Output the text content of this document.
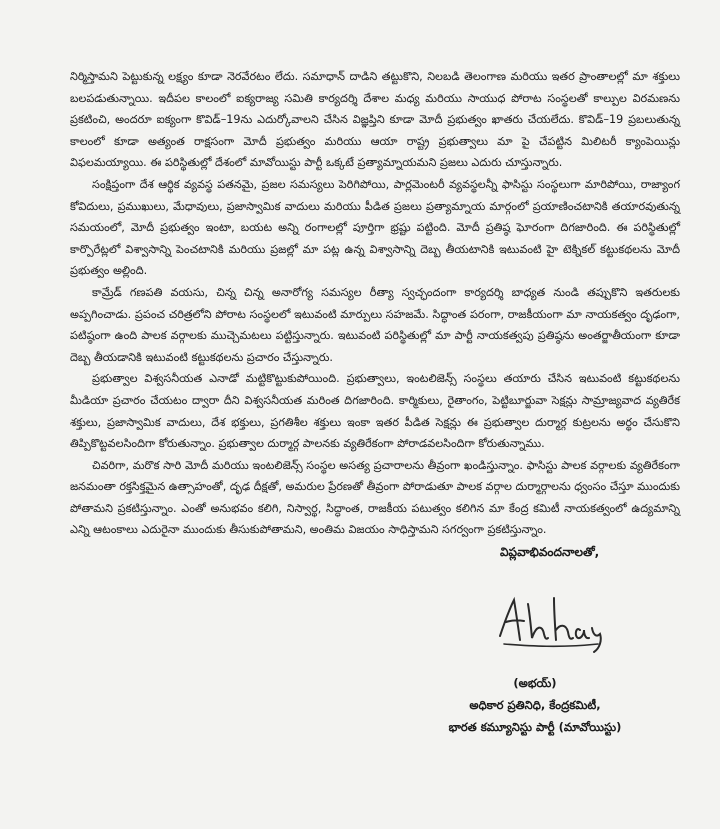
నిర్మిస్తామని పెట్టుకున్న లక్ష్యం కూడా నెరవేరటం లేదు. సమాధాన్ దాడిని తట్టుకొని, నిలబడి తెలంగాణ మరియు ఇతర ప్రాంతాలల్లో మా శక్తులు బలపడుతున్నాయి. ఇదీపల కాలంలో ఐక్యరాజ్య సమితి కార్యదర్శి దేశాల మధ్య మరియు సాయుధ పోరాట సంస్థలతో కాల్పుల విరమణను ప్రకటించి, అందరూ ఐక్యంగా కొవిడ్–19ను ఎదుర్కోవాలని చేసిన విజ్ఞప్తిని కూడా మోదీ ప్రభుత్వం ఖాతరు చేయలేదు. కొవిడ్–19 ప్రబలుతున్న కాలంలో కూడా అత్యంత రాక్షసంగా మోదీ ప్రభుత్వం మరియు ఆయా రాష్ట్ర ప్రభుత్వాలు మా పై చేపట్టిన మిలిటరీ క్యాంపెయిన్లు విఫలమయ్యాయి. ఈ పరిస్థితుల్లో దేశంలో మావోయిస్టు పార్టీ ఒక్కటే ప్రత్యామ్నాయమని ప్రజలు ఎదురు చూస్తున్నారు.

సంక్షిప్తంగా దేశ ఆర్థిక వ్యవస్థ పతనమై, ప్రజల సమస్యలు పెరిగిపోయి, పార్లమెంటరీ వ్యవస్థలన్నీ ఫాసిస్టు సంస్థలుగా మారిపోయి, రాజ్యాంగ కోవిదులు, ప్రముఖులు, మేధావులు, ప్రజాస్వామిక వాదులు మరియు పీడిత ప్రజలు ప్రత్యామ్నాయ మార్గంలో ప్రయాణించటానికి తయారవుతున్న సమయంలో, మోదీ ప్రభుత్వం ఇంటా, బయట అన్ని రంగాలల్లో పూర్తిగా భ్రష్టు పట్టింది. మోదీ ప్రతిష్ఠ ఘోరంగా దిగజారింది. ఈ పరిస్థితుల్లో కార్పొరేట్లలో విశ్వాసాన్ని పెంచటానికి మరియు ప్రజల్లో మా పట్ల ఉన్న విశ్వాసాన్ని దెబ్బ తీయటానికి ఇటువంటి హై టెక్నికల్ కట్టుకథలను మోదీ ప్రభుత్వం అల్లింది.

కామ్రేడ్ గణపతి వయసు, చిన్న చిన్న అనారోగ్య సమస్యల రీత్యా స్వచ్ఛందంగా కార్యదర్శి బాధ్యత నుండి తప్పుకొని ఇతరులకు అప్పగించాడు. ప్రపంచ చరిత్రలోని పోరాట సంస్థలలో ఇటువంటి మార్పులు సహజమే. సిద్ధాంత పరంగా, రాజకీయంగా మా నాయకత్వం దృఢంగా, పటిష్ఠంగా ఉంది పాలక వర్గాలకు ముచ్చెమటలు పట్టిస్తున్నారు. ఇటువంటి పరిస్థితుల్లో మా పార్టీ నాయకత్వపు ప్రతిష్ఠను అంతర్జాతీయంగా కూడా దెబ్బ తీయడానికి ఇటువంటి కట్టుకథలను ప్రచారం చేస్తున్నారు.

ప్రభుత్వాల విశ్వసనీయత ఎనాడో మట్టికొట్టుకుపోయింది. ప్రభుత్వాలు, ఇంటలిజెన్స్ సంస్థలు తయారు చేసిన ఇటువంటి కట్టుకథలను మీడియా ప్రచారం చేయటం ద్వారా దీని విశ్వసనీయత మరింత దిగజారింది. కార్మికులు, రైతాంగం, పెట్టిబూర్జువా సెక్షన్లు సామ్రాజ్యవాద వ్యతిరేక శక్తులు, ప్రజాస్వామిక వాదులు, దేశ భక్తులు, ప్రగతిశీల శక్తులు ఇంకా ఇతర పీడిత సెక్షన్లు ఈ ప్రభుత్వాల దుర్మార్గ కుట్రలను అర్థం చేసుకొని తిప్పికొట్టవలసిందిగా కోరుతున్నాం. ప్రభుత్వాల దుర్మార్గ పాలనకు వ్యతిరేకంగా పోరాడవలసిందిగా కోరుతున్నాము.

చివరిగా, మరొక సారి మోదీ మరియు ఇంటలిజెన్స్ సంస్థల అసత్య ప్రచారాలను తీవ్రంగా ఖండిస్తున్నాం. ఫాసిస్టు పాలక వర్గాలకు వ్యతిరేకంగా జనమంతా రక్తసిక్తమైన ఉత్సాహంతో, దృఢ దీక్షతో, అమరుల ప్రేరణతో తీవ్రంగా పోరాడుతూ పాలక వర్గాల దుర్మార్గాలను ధ్వంసం చేస్తూ ముందుకు పోతామని ప్రకటిస్తున్నాం. ఎంతో అనుభవం కలిగి, నిస్వార్థ, సిద్ధాంత, రాజకీయ పటుత్వం కలిగిన మా కేంద్ర కమిటీ నాయకత్వంలో ఉద్యమాన్ని ఎన్ని ఆటంకాలు ఎదురైనా ముందుకు తీసుకుపోతామని, అంతిమ విజయం సాధిస్తామని సగర్వంగా ప్రకటిస్తున్నాం.

విప్లవాభివందనాలతో,
(అభయ్)
అధికార ప్రతినిధి, కేంద్రకమిటీ,
భారత కమ్యూనిస్టు పార్టీ (మావోయిస్టు)
